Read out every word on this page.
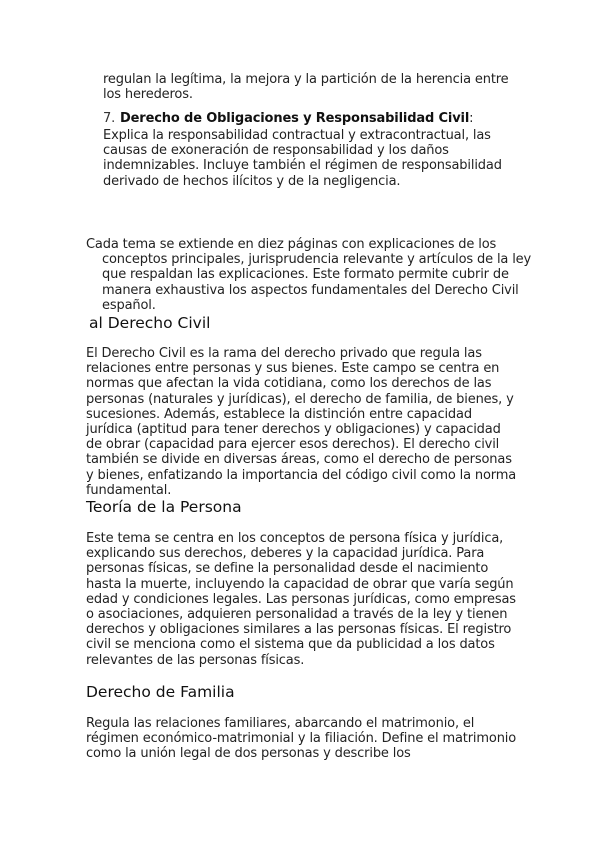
regulan la legítima, la mejora y la partición de la herencia entre los herederos.

7. Derecho de Obligaciones y Responsabilidad Civil:

Explica la responsabilidad contractual y extracontractual, las causas de exoneración de responsabilidad y los daños indemnizables. Incluye también el régimen de responsabilidad derivado de hechos ilícitos y de la negligencia.

Cada tema se extiende en diez páginas con explicaciones de los conceptos principales, jurisprudencia relevante y artículos de la ley que respaldan las explicaciones. Este formato permite cubrir de manera exhaustiva los aspectos fundamentales del Derecho Civil español.

al Derecho Civil

El Derecho Civil es la rama del derecho privado que regula las relaciones entre personas y sus bienes. Este campo se centra en normas que afectan la vida cotidiana, como los derechos de las personas (naturales y jurídicas), el derecho de familia, de bienes, y sucesiones. Además, establece la distinción entre capacidad jurídica (aptitud para tener derechos y obligaciones) y capacidad de obrar (capacidad para ejercer esos derechos). El derecho civil también se divide en diversas áreas, como el derecho de personas y bienes, enfatizando la importancia del código civil como la norma fundamental.

Teoría de la Persona

Este tema se centra en los conceptos de persona física y jurídica, explicando sus derechos, deberes y la capacidad jurídica. Para personas físicas, se define la personalidad desde el nacimiento hasta la muerte, incluyendo la capacidad de obrar que varía según edad y condiciones legales. Las personas jurídicas, como empresas o asociaciones, adquieren personalidad a través de la ley y tienen derechos y obligaciones similares a las personas físicas. El registro civil se menciona como el sistema que da publicidad a los datos relevantes de las personas físicas.

Derecho de Familia

Regula las relaciones familiares, abarcando el matrimonio, el régimen económico-matrimonial y la filiación. Define el matrimonio como la unión legal de dos personas y describe los
